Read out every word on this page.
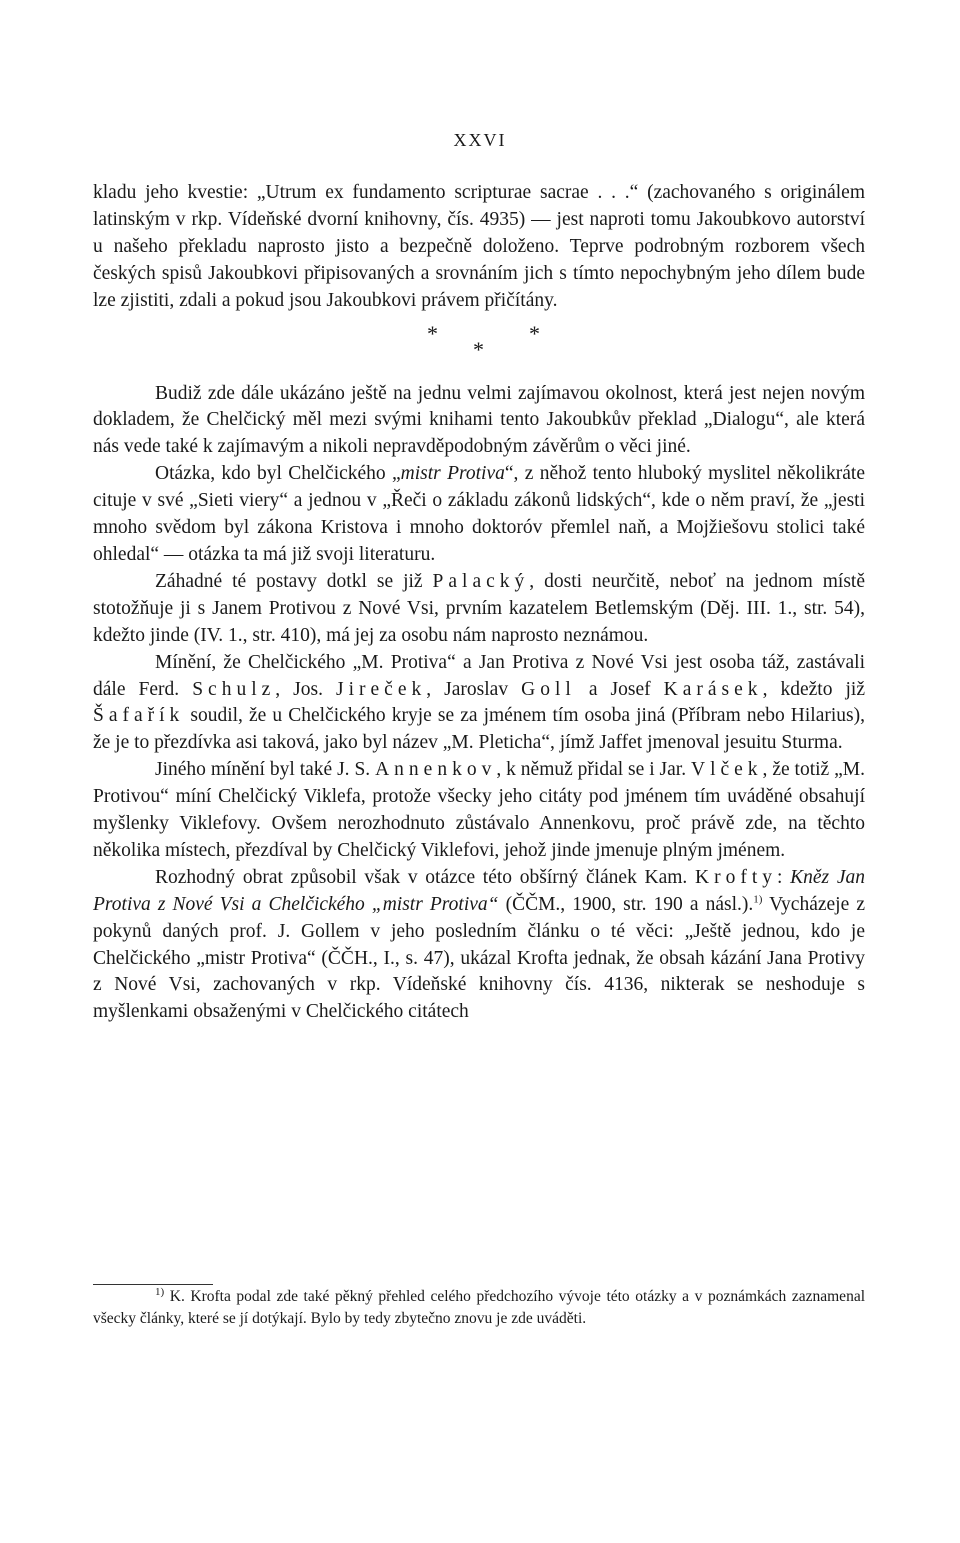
XXVI

kladu jeho kvestie: „Utrum ex fundamento scripturae sacrae . . .“ (zachovaného s originálem latinským v rkp. Vídeňské dvorní knihovny, čís. 4935) — jest naproti tomu Jakoubkovo autorství u našeho překladu naprosto jisto a bezpečně doloženo. Teprve podrobným rozborem všech českých spisů Jakoubkovi připisovaných a srovnáním jich s tímto nepochybným jeho dílem bude lze zjistiti, zdali a pokud jsou Jakoubkovi právem přičítány.

*
*
*

Budiž zde dále ukázáno ještě na jednu velmi zajímavou okolnost, která jest nejen novým dokladem, že Chelčický měl mezi svými knihami tento Jakoubkův překlad „Dialogu“, ale která nás vede také k zajímavým a nikoli nepravděpodobným závěrům o věci jiné.

Otázka, kdo byl Chelčického „mistr Protiva“, z něhož tento hluboký myslitel několikráte cituje v své „Sieti viery“ a jednou v „Řeči o základu zákonů lidských“, kde o něm praví, že „jesti mnoho svědom byl zákona Kristova i mnoho doktoróv přemlel naň, a Mojžiešovu stolici také ohledal“ — otázka ta má již svoji literaturu.

Záhadné té postavy dotkl se již Palacký, dosti neurčitě, neboť na jednom místě stotožňuje ji s Janem Protivou z Nové Vsi, prvním kazatelem Betlemským (Děj. III. 1., str. 54), kdežto jinde (IV. 1., str. 410), má jej za osobu nám naprosto neznámou.

Mínění, že Chelčického „M. Protiva“ a Jan Protiva z Nové Vsi jest osoba táž, zastávali dále Ferd. Schulz, Jos. Jireček, Jaroslav Goll a Josef Karásek, kdežto již Šafařík soudil, že u Chelčického kryje se za jménem tím osoba jiná (Příbram nebo Hilarius), že je to přezdívka asi taková, jako byl název „M. Pleticha“, jímž Jaffet jmenoval jesuitu Sturma.

Jiného mínění byl také J. S. Annenkov, k němuž přidal se i Jar. Vlček, že totiž „M. Protivou“ míní Chelčický Viklefa, protože všecky jeho citáty pod jménem tím uváděné obsahují myšlenky Viklefovy. Ovšem nerozhodnuto zůstávalo Annenkovu, proč právě zde, na těchto několika místech, přezdíval by Chelčický Viklefovi, jehož jinde jmenuje plným jménem.

Rozhodný obrat způsobil však v otázce této obšírný článek Kam. Krofty: Kněz Jan Protiva z Nové Vsi a Chelčického „mistr Protiva“ (ČČM., 1900, str. 190 a násl.).$^{1)}$ Vycházeje z pokynů daných prof. J. Gollem v jeho posledním článku o té věci: „Ještě jednou, kdo je Chelčického „mistr Protiva“ (ČČH., I., s. 47), ukázal Krofta jednak, že obsah kázání Jana Protivy z Nové Vsi, zachovaných v rkp. Vídeňské knihovny čís. 4136, nikterak se neshoduje s myšlenkami obsaženými v Chelčického citátech

$^{1)}$ K. Krofta podal zde také pěkný přehled celého předchozího vývoje této otázky a v poznámkách zaznamenal všecky články, které se jí dotýkají. Bylo by tedy zbytečno znovu je zde uváděti.
